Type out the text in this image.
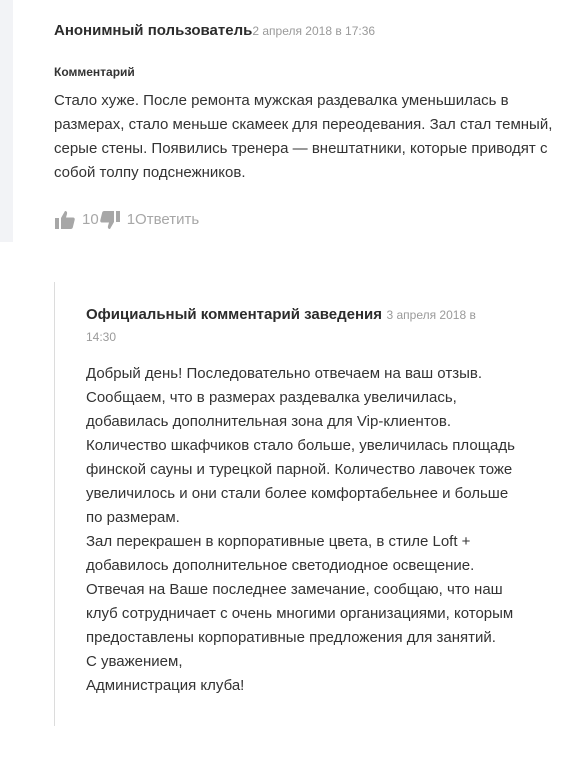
Анонимный пользователь2 апреля 2018 в 17:36
Комментарий
Стало хуже. После ремонта мужская раздевалка уменьшилась в размерах, стало меньше скамеек для переодевания. Зал стал темный, серые стены. Появились тренера — внештатники, которые приводят с собой толпу подснежников.
10 1 Ответить
Официальный комментарий заведения 3 апреля 2018 в 14:30

Добрый день! Последовательно отвечаем на ваш отзыв.

Сообщаем, что в размерах раздевалка увеличилась, добавилась дополнительная зона для Vip-клиентов.

Количество шкафчиков стало больше, увеличилась площадь финской сауны и турецкой парной. Количество лавочек тоже увеличилось и они стали более комфортабельнее и больше по размерам.

Зал перекрашен в корпоративные цвета, в стиле Loft + добавилось дополнительное светодиодное освещение.

Отвечая на Ваше последнее замечание, сообщаю, что наш клуб сотрудничает с очень многими организациями, которым предоставлены корпоративные предложения для занятий.

С уважением,

Администрация клуба!
